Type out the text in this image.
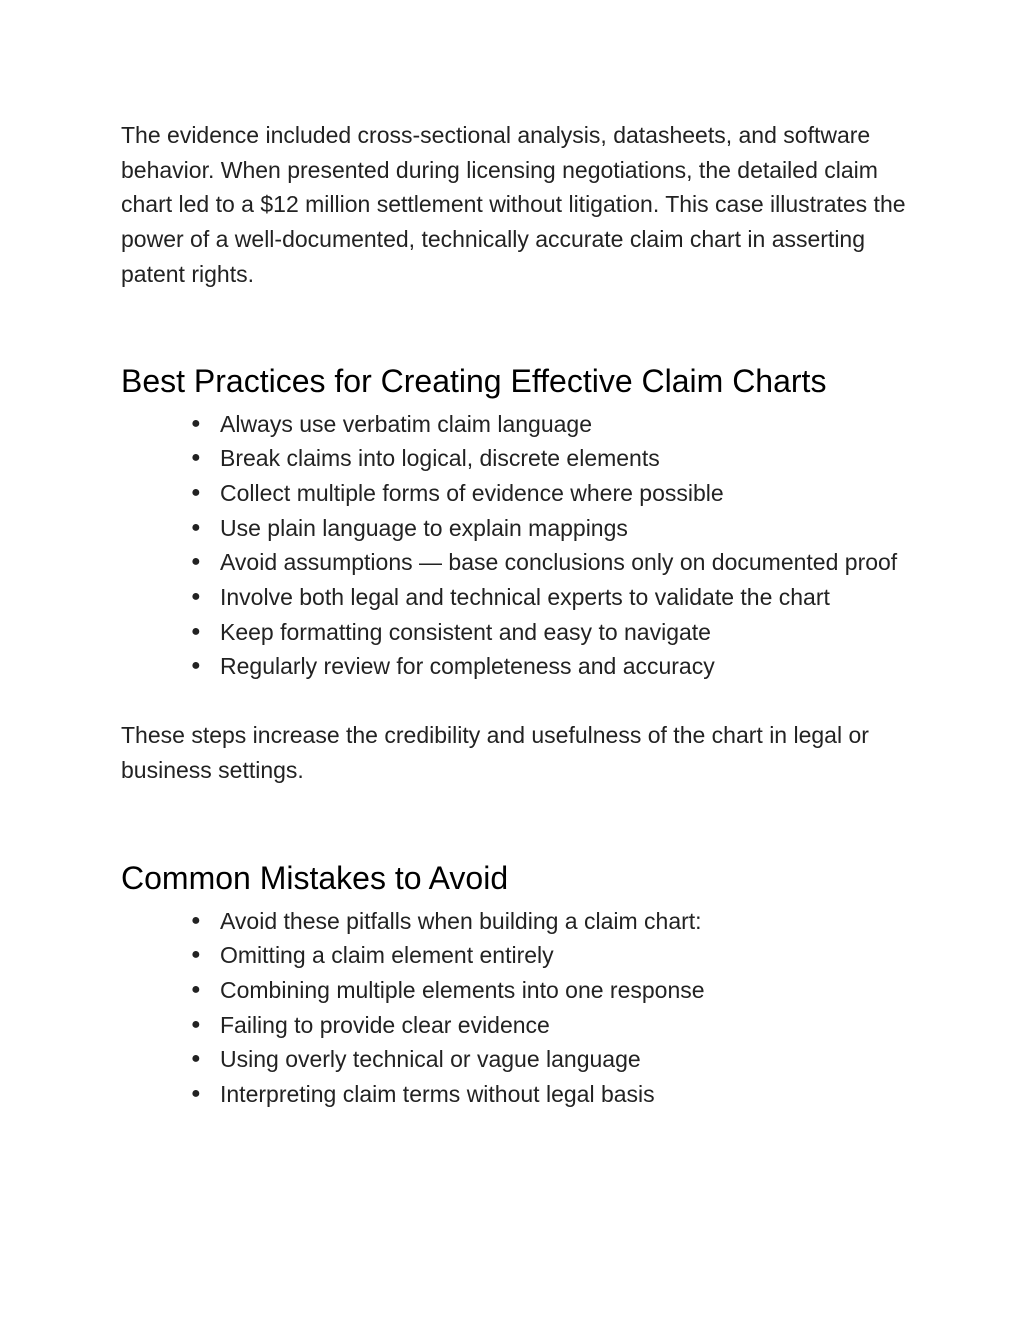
The evidence included cross-sectional analysis, datasheets, and software behavior. When presented during licensing negotiations, the detailed claim chart led to a $12 million settlement without litigation. This case illustrates the power of a well-documented, technically accurate claim chart in asserting patent rights.

Best Practices for Creating Effective Claim Charts
● Always use verbatim claim language
● Break claims into logical, discrete elements
● Collect multiple forms of evidence where possible
● Use plain language to explain mappings
● Avoid assumptions — base conclusions only on documented proof
● Involve both legal and technical experts to validate the chart
● Keep formatting consistent and easy to navigate
● Regularly review for completeness and accuracy

These steps increase the credibility and usefulness of the chart in legal or business settings.

Common Mistakes to Avoid
● Avoid these pitfalls when building a claim chart:
● Omitting a claim element entirely
● Combining multiple elements into one response
● Failing to provide clear evidence
● Using overly technical or vague language
● Interpreting claim terms without legal basis
